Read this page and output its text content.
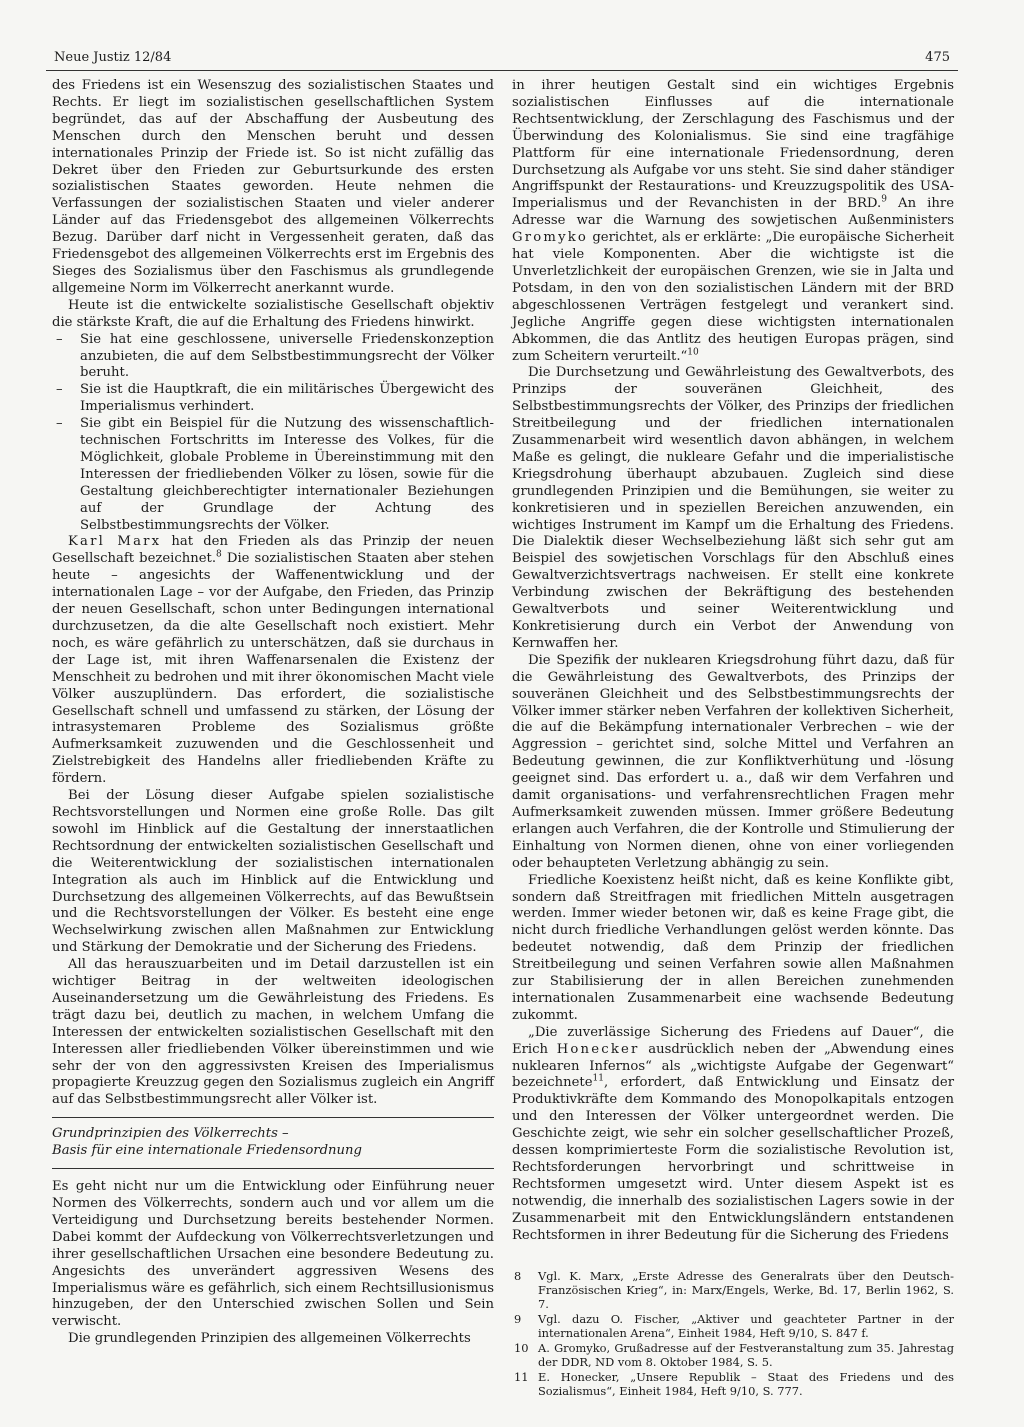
Neue Justiz 12/84	475

des Friedens ist ein Wesenszug des sozialistischen Staates und Rechts. Er liegt im sozialistischen gesellschaftlichen System begründet, das auf der Abschaffung der Ausbeutung des Menschen durch den Menschen beruht und dessen internationales Prinzip der Friede ist. So ist nicht zufällig das Dekret über den Frieden zur Geburtsurkunde des ersten sozialistischen Staates geworden. Heute nehmen die Verfassungen der sozialistischen Staaten und vieler anderer Länder auf das Friedensgebot des allgemeinen Völkerrechts Bezug. Darüber darf nicht in Vergessenheit geraten, daß das Friedensgebot des allgemeinen Völkerrechts erst im Ergebnis des Sieges des Sozialismus über den Faschismus als grundlegende allgemeine Norm im Völkerrecht anerkannt wurde.

Heute ist die entwickelte sozialistische Gesellschaft objektiv die stärkste Kraft, die auf die Erhaltung des Friedens hinwirkt.

– Sie hat eine geschlossene, universelle Friedenskonzeption anzubieten, die auf dem Selbstbestimmungsrecht der Völker beruht.
– Sie ist die Hauptkraft, die ein militärisches Übergewicht des Imperialismus verhindert.
– Sie gibt ein Beispiel für die Nutzung des wissenschaftlich-technischen Fortschritts im Interesse des Volkes, für die Möglichkeit, globale Probleme in Übereinstimmung mit den Interessen der friedliebenden Völker zu lösen, sowie für die Gestaltung gleichberechtigter internationaler Beziehungen auf der Grundlage der Achtung des Selbstbestimmungsrechts der Völker.

Karl Marx hat den Frieden als das Prinzip der neuen Gesellschaft bezeichnet.$^8$ Die sozialistischen Staaten aber stehen heute – angesichts der Waffenentwicklung und der internationalen Lage – vor der Aufgabe, den Frieden, das Prinzip der neuen Gesellschaft, schon unter Bedingungen international durchzusetzen, da die alte Gesellschaft noch existiert. Mehr noch, es wäre gefährlich zu unterschätzen, daß sie durchaus in der Lage ist, mit ihren Waffenarsenalen die Existenz der Menschheit zu bedrohen und mit ihrer ökonomischen Macht viele Völker auszuplündern. Das erfordert, die sozialistische Gesellschaft schnell und umfassend zu stärken, der Lösung der intrasystemaren Probleme des Sozialismus größte Aufmerksamkeit zuzuwenden und die Geschlossenheit und Zielstrebigkeit des Handelns aller friedliebenden Kräfte zu fördern.

Bei der Lösung dieser Aufgabe spielen sozialistische Rechtsvorstellungen und Normen eine große Rolle. Das gilt sowohl im Hinblick auf die Gestaltung der innerstaatlichen Rechtsordnung der entwickelten sozialistischen Gesellschaft und die Weiterentwicklung der sozialistischen internationalen Integration als auch im Hinblick auf die Entwicklung und Durchsetzung des allgemeinen Völkerrechts, auf das Bewußtsein und die Rechtsvorstellungen der Völker. Es besteht eine enge Wechselwirkung zwischen allen Maßnahmen zur Entwicklung und Stärkung der Demokratie und der Sicherung des Friedens.

All das herauszuarbeiten und im Detail darzustellen ist ein wichtiger Beitrag in der weltweiten ideologischen Auseinandersetzung um die Gewährleistung des Friedens. Es trägt dazu bei, deutlich zu machen, in welchem Umfang die Interessen der entwickelten sozialistischen Gesellschaft mit den Interessen aller friedliebenden Völker übereinstimmen und wie sehr der von den aggressivsten Kreisen des Imperialismus propagierte Kreuzzug gegen den Sozialismus zugleich ein Angriff auf das Selbstbestimmungsrecht aller Völker ist.

Grundprinzipien des Völkerrechts –
Basis für eine internationale Friedensordnung

Es geht nicht nur um die Entwicklung oder Einführung neuer Normen des Völkerrechts, sondern auch und vor allem um die Verteidigung und Durchsetzung bereits bestehender Normen. Dabei kommt der Aufdeckung von Völkerrechtsverletzungen und ihrer gesellschaftlichen Ursachen eine besondere Bedeutung zu. Angesichts des unverändert aggressiven Wesens des Imperialismus wäre es gefährlich, sich einem Rechtsillusionismus hinzugeben, der den Unterschied zwischen Sollen und Sein verwischt.

Die grundlegenden Prinzipien des allgemeinen Völkerrechts

in ihrer heutigen Gestalt sind ein wichtiges Ergebnis sozialistischen Einflusses auf die internationale Rechtsentwicklung, der Zerschlagung des Faschismus und der Überwindung des Kolonialismus. Sie sind eine tragfähige Plattform für eine internationale Friedensordnung, deren Durchsetzung als Aufgabe vor uns steht. Sie sind daher ständiger Angriffspunkt der Restaurations- und Kreuzzugspolitik des USA-Imperialismus und der Revanchisten in der BRD.$^9$ An ihre Adresse war die Warnung des sowjetischen Außenministers Gromyko gerichtet, als er erklärte: „Die europäische Sicherheit hat viele Komponenten. Aber die wichtigste ist die Unverletzlichkeit der europäischen Grenzen, wie sie in Jalta und Potsdam, in den von den sozialistischen Ländern mit der BRD abgeschlossenen Verträgen festgelegt und verankert sind. Jegliche Angriffe gegen diese wichtigsten internationalen Abkommen, die das Antlitz des heutigen Europas prägen, sind zum Scheitern verurteilt.“$^{10}$

Die Durchsetzung und Gewährleistung des Gewaltverbots, des Prinzips der souveränen Gleichheit, des Selbstbestimmungsrechts der Völker, des Prinzips der friedlichen Streitbeilegung und der friedlichen internationalen Zusammenarbeit wird wesentlich davon abhängen, in welchem Maße es gelingt, die nukleare Gefahr und die imperialistische Kriegsdrohung überhaupt abzubauen. Zugleich sind diese grundlegenden Prinzipien und die Bemühungen, sie weiter zu konkretisieren und in speziellen Bereichen anzuwenden, ein wichtiges Instrument im Kampf um die Erhaltung des Friedens. Die Dialektik dieser Wechselbeziehung läßt sich sehr gut am Beispiel des sowjetischen Vorschlags für den Abschluß eines Gewaltverzichtsvertrags nachweisen. Er stellt eine konkrete Verbindung zwischen der Bekräftigung des bestehenden Gewaltverbots und seiner Weiterentwicklung und Konkretisierung durch ein Verbot der Anwendung von Kernwaffen her.

Die Spezifik der nuklearen Kriegsdrohung führt dazu, daß für die Gewährleistung des Gewaltverbots, des Prinzips der souveränen Gleichheit und des Selbstbestimmungsrechts der Völker immer stärker neben Verfahren der kollektiven Sicherheit, die auf die Bekämpfung internationaler Verbrechen – wie der Aggression – gerichtet sind, solche Mittel und Verfahren an Bedeutung gewinnen, die zur Konfliktverhütung und -lösung geeignet sind. Das erfordert u. a., daß wir dem Verfahren und damit organisations- und verfahrensrechtlichen Fragen mehr Aufmerksamkeit zuwenden müssen. Immer größere Bedeutung erlangen auch Verfahren, die der Kontrolle und Stimulierung der Einhaltung von Normen dienen, ohne von einer vorliegenden oder behaupteten Verletzung abhängig zu sein.

Friedliche Koexistenz heißt nicht, daß es keine Konflikte gibt, sondern daß Streitfragen mit friedlichen Mitteln ausgetragen werden. Immer wieder betonen wir, daß es keine Frage gibt, die nicht durch friedliche Verhandlungen gelöst werden könnte. Das bedeutet notwendig, daß dem Prinzip der friedlichen Streitbeilegung und seinen Verfahren sowie allen Maßnahmen zur Stabilisierung der in allen Bereichen zunehmenden internationalen Zusammenarbeit eine wachsende Bedeutung zukommt.

„Die zuverlässige Sicherung des Friedens auf Dauer“, die Erich Honecker ausdrücklich neben der „Abwendung eines nuklearen Infernos“ als „wichtigste Aufgabe der Gegenwart“ bezeichnete$^{11}$, erfordert, daß Entwicklung und Einsatz der Produktivkräfte dem Kommando des Monopolkapitals entzogen und den Interessen der Völker untergeordnet werden. Die Geschichte zeigt, wie sehr ein solcher gesellschaftlicher Prozeß, dessen komprimierteste Form die sozialistische Revolution ist, Rechtsforderungen hervorbringt und schrittweise in Rechtsformen umgesetzt wird. Unter diesem Aspekt ist es notwendig, die innerhalb des sozialistischen Lagers sowie in der Zusammenarbeit mit den Entwicklungsländern entstandenen Rechtsformen in ihrer Bedeutung für die Sicherung des Friedens

8 Vgl. K. Marx, „Erste Adresse des Generalrats über den Deutsch-Französischen Krieg“, in: Marx/Engels, Werke, Bd. 17, Berlin 1962, S. 7.
9 Vgl. dazu O. Fischer, „Aktiver und geachteter Partner in der internationalen Arena“, Einheit 1984, Heft 9/10, S. 847 f.
10 A. Gromyko, Grußadresse auf der Festveranstaltung zum 35. Jahrestag der DDR, ND vom 8. Oktober 1984, S. 5.
11 E. Honecker, „Unsere Republik – Staat des Friedens und des Sozialismus“, Einheit 1984, Heft 9/10, S. 777.
